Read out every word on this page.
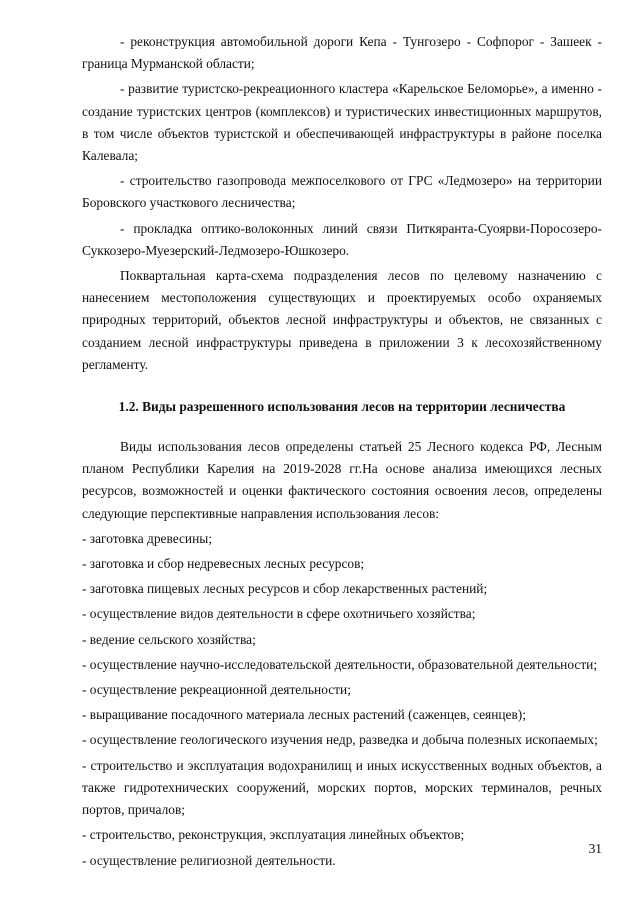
- реконструкция автомобильной дороги Кепа - Тунгозеро - Софпорог - Зашеек - граница Мурманской области;

- развитие туристско-рекреационного кластера «Карельское Беломорье», а именно - создание туристских центров (комплексов) и туристических инвестиционных маршрутов, в том числе объектов туристской и обеспечивающей инфраструктуры в районе поселка Калевала;

- строительство газопровода межпоселкового от ГРС «Ледмозеро» на территории Боровского участкового лесничества;

- прокладка оптико-волоконных линий связи Питкяранта-Суоярви-Поросозеро-Суккозеро-Муезерский-Ледмозеро-Юшкозеро.

Поквартальная карта-схема подразделения лесов по целевому назначению с нанесением местоположения существующих и проектируемых особо охраняемых природных территорий, объектов лесной инфраструктуры и объектов, не связанных с созданием лесной инфраструктуры приведена в приложении 3 к лесохозяйственному регламенту.

1.2. Виды разрешенного использования лесов на территории лесничества

Виды использования лесов определены статьей 25 Лесного кодекса РФ, Лесным планом Республики Карелия на 2019-2028 гг.На основе анализа имеющихся лесных ресурсов, возможностей и оценки фактического состояния освоения лесов, определены следующие перспективные направления использования лесов:

- заготовка древесины;

- заготовка и сбор недревесных лесных ресурсов;

- заготовка пищевых лесных ресурсов и сбор лекарственных растений;

- осуществление видов деятельности в сфере охотничьего хозяйства;

- ведение сельского хозяйства;

- осуществление научно-исследовательской деятельности, образовательной деятельности;

- осуществление рекреационной деятельности;

- выращивание посадочного материала лесных растений (саженцев, сеянцев);

- осуществление геологического изучения недр, разведка и добыча полезных ископаемых;

- строительство и эксплуатация водохранилищ и иных искусственных водных объектов, а также гидротехнических сооружений, морских портов, морских терминалов, речных портов, причалов;

- строительство, реконструкция, эксплуатация линейных объектов;

- осуществление религиозной деятельности.

31
